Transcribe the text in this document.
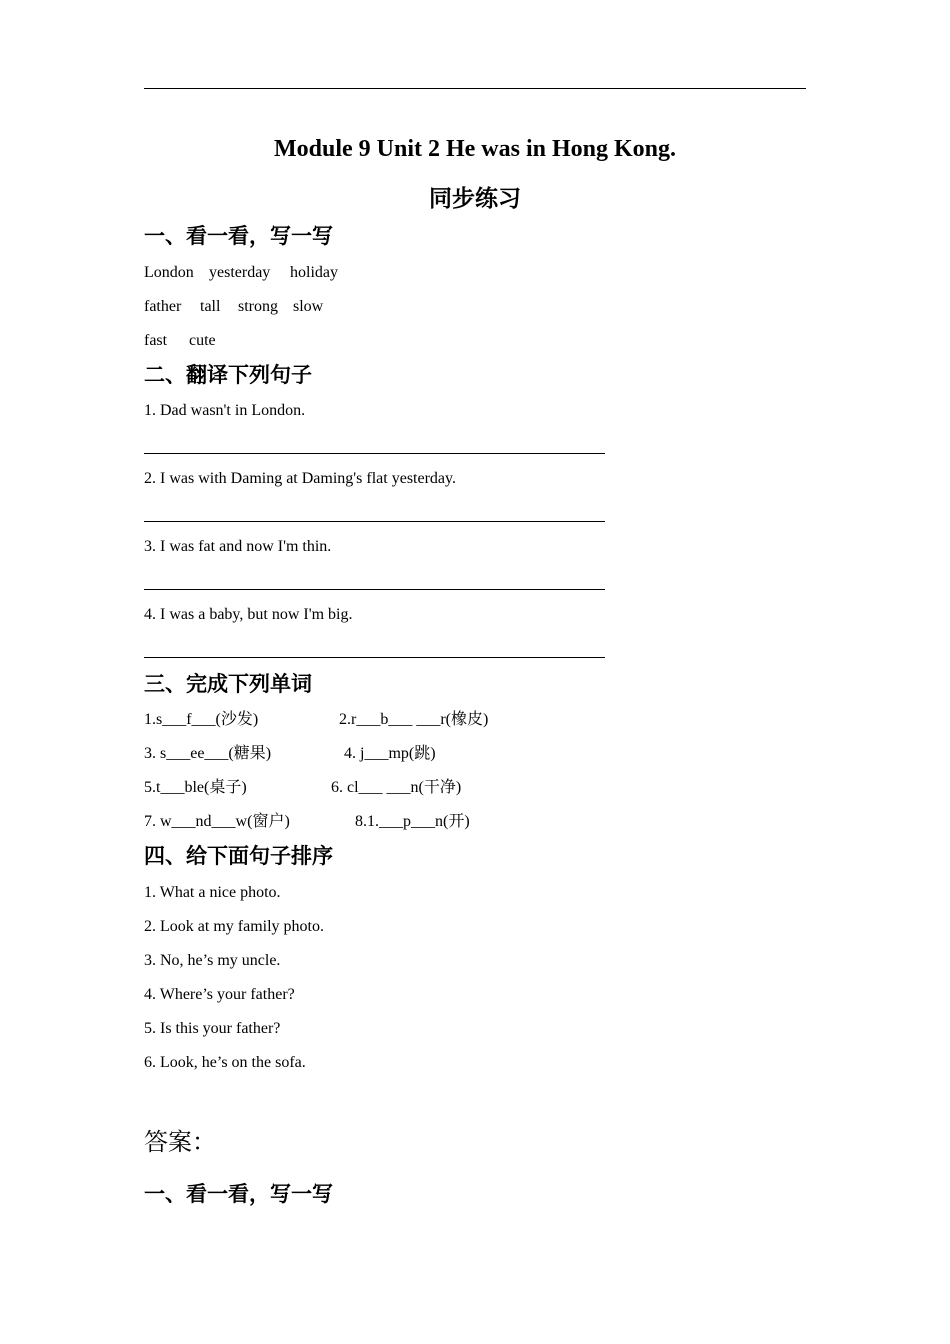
Module 9 Unit 2 He was in Hong Kong.
同步练习
一、看一看，写一写
London yesterday holiday
father tall strong slow
fast cute
二、翻译下列句子
1. Dad wasn't in London.
2. I was with Daming at Daming's flat yesterday.
3. I was fat and now I'm thin.
4. I was a baby, but now I'm big.
三、完成下列单词
1.s___f___(沙发)	2.r___b___ ___r(橡皮)
3. s___ee___(糖果)	4. j___mp(跳)
5.t___ble(桌子)	6. cl___ ___n(干净)
7. w___nd___w(窗户)	8.1.___p___n(开)
四、给下面句子排序
1. What a nice photo.
2. Look at my family photo.
3. No, he’s my uncle.
4. Where’s your father?
5. Is this your father?
6. Look, he’s on the sofa.
答案：
一、看一看，写一写
